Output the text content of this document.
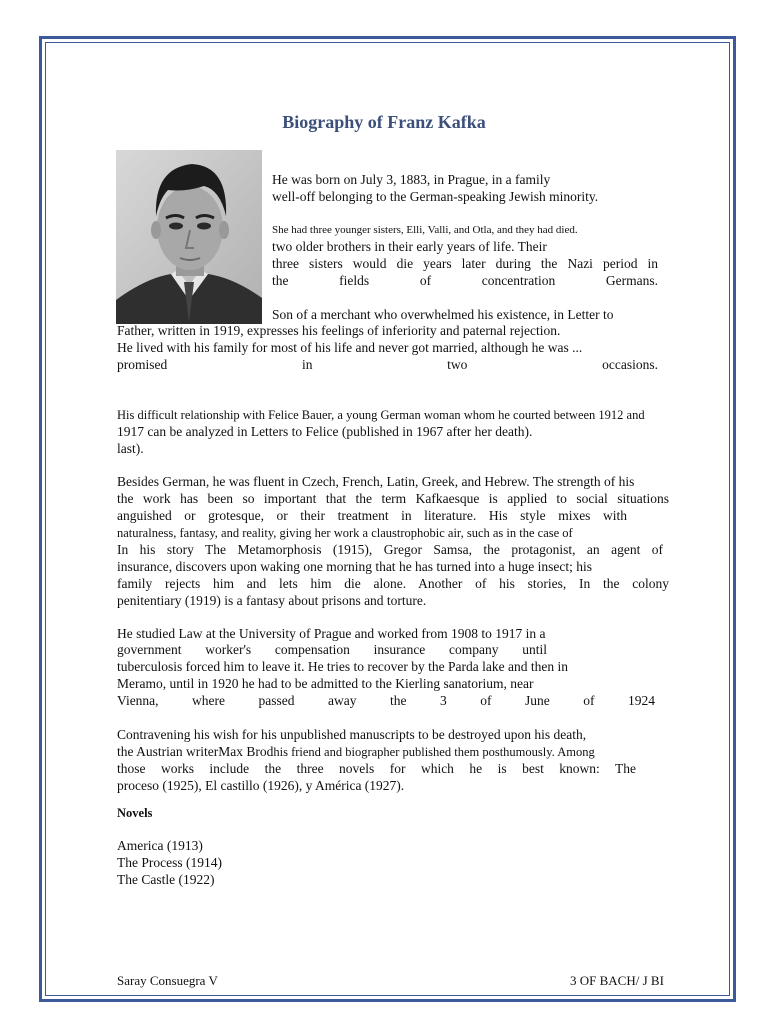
Biography of Franz Kafka
He was born on July 3, 1883, in Prague, in a family
well-off belonging to the German-speaking Jewish minority.
She had three younger sisters, Elli, Valli, and Otla, and they had died.
two older brothers in their early years of life. Their
three sisters would die years later during the Nazi period in
the fields of concentration Germans.
Son of a merchant who overwhelmed his existence, in Letter to
Father, written in 1919, expresses his feelings of inferiority and paternal rejection.
He lived with his family for most of his life and never got married, although he was ...
promised in two occasions.
His difficult relationship with Felice Bauer, a young German woman whom he courted between 1912 and
1917 can be analyzed in Letters to Felice (published in 1967 after her death).
last).
Besides German, he was fluent in Czech, French, Latin, Greek, and Hebrew. The strength of his
the work has been so important that the term Kafkaesque is applied to social situations
anguished or grotesque, or their treatment in literature. His style mixes with
naturalness, fantasy, and reality, giving her work a claustrophobic air, such as in the case of
In his story The Metamorphosis (1915), Gregor Samsa, the protagonist, an agent of
insurance, discovers upon waking one morning that he has turned into a huge insect; his
family rejects him and lets him die alone. Another of his stories, In the colony
penitentiary (1919) is a fantasy about prisons and torture.
He studied Law at the University of Prague and worked from 1908 to 1917 in a
government worker's compensation insurance company until
tuberculosis forced him to leave it. He tries to recover by the Parda lake and then in
Meramo, until in 1920 he had to be admitted to the Kierling sanatorium, near
Vienna, where passed away the 3 of June of 1924
Contravening his wish for his unpublished manuscripts to be destroyed upon his death,
the Austrian writerMax Brodhis friend and biographer published them posthumously. Among
those works include the three novels for which he is best known: The
proceso (1925), El castillo (1926), y América (1927).
Novels
America (1913)
The Process (1914)
The Castle (1922)
Saray Consuegra V	3 OF BACH/ J BI
